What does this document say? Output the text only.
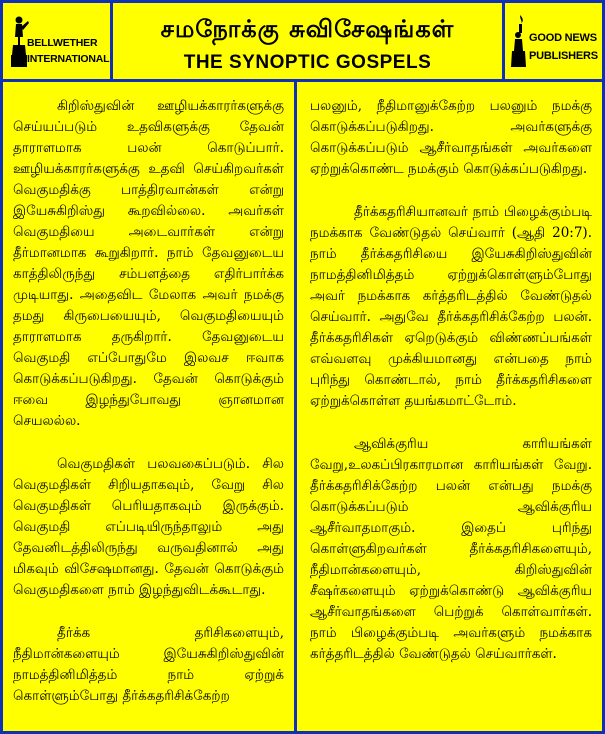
BELLWETHER
INTERNATIONAL
சமநோக்கு சுவிசேஷங்கள்
THE SYNOPTIC GOSPELS
GOOD NEWS
PUBLISHERS

கிறிஸ்துவின் ஊழியக்காரர்களுக்கு செய்யப்படும் உதவிகளுக்கு தேவன் தாராளமாக பலன் கொடுப்பார். ஊழியக்காரர்களுக்கு உதவி செய்கிறவர்கள் வெகுமதிக்கு பாத்திரவான்கள் என்று இயேசுகிறிஸ்து கூறவில்லை. அவர்கள் வெகுமதியை அடைவார்கள் என்று தீர்மானமாக கூறுகிறார். நாம் தேவனுடைய காத்திலிருந்து சம்பளத்தை எதிர்பார்க்க முடியாது. அதைவிட மேலாக அவர் நமக்கு தமது கிருபையையும், வெகுமதியையும் தாராளமாக தருகிறார். தேவனுடைய வெகுமதி எப்போதுமே இலவச ஈவாக கொடுக்கப்படுகிறது. தேவன் கொடுக்கும் ஈவை இழந்துபோவது ஞானமான செயலல்ல.

வெகுமதிகள் பலவகைப்படும். சில வெகுமதிகள் சிறியதாகவும், வேறு சில வெகுமதிகள் பெரியதாகவும் இருக்கும். வெகுமதி எப்படியிருந்தாலும் அது தேவனிடத்திலிருந்து வருவதினால் அது மிகவும் விசேஷமானது. தேவன் கொடுக்கும் வெகுமதிகளை நாம் இழந்துவிடக்கூடாது.

தீர்க்க தரிசிகளையும், நீதிமான்களையும் இயேசுகிறிஸ்துவின் நாமத்தினிமித்தம் நாம் ஏற்றுக் கொள்ளும்போது தீர்க்கதரிசிக்கேற்ற

பலனும், நீதிமானுக்கேற்ற பலனும் நமக்கு கொடுக்கப்படுகிறது. அவர்களுக்கு கொடுக்கப்படும் ஆசீர்வாதங்கள் அவர்களை ஏற்றுக்கொண்ட நமக்கும் கொடுக்கப்படுகிறது.

தீர்க்கதரிசியானவர் நாம் பிழைக்கும்படி நமக்காக வேண்டுதல் செய்வார் (ஆதி 20:7). நாம் தீர்க்கதரிசியை இயேசுகிறிஸ்துவின் நாமத்தினிமித்தம் ஏற்றுக்கொள்ளும்போது அவர் நமக்காக கர்த்தரிடத்தில் வேண்டுதல் செய்வார். அதுவே தீர்க்கதரிசிக்கேற்ற பலன். தீர்க்கதரிசிகள் ஏறெடுக்கும் விண்ணப்பங்கள் எவ்வளவு முக்கியமானது என்பதை நாம் புரிந்து கொண்டால், நாம் தீர்க்கதரிசிகளை ஏற்றுக்கொள்ள தயங்கமாட்டோம்.

ஆவிக்குரிய காரியங்கள் வேறு,உலகப்பிரகாரமான காரியங்கள் வேறு. தீர்க்கதரிசிக்கேற்ற பலன் என்பது நமக்கு கொடுக்கப்படும் ஆவிக்குரிய ஆசீர்வாதமாகும். இதைப் புரிந்து கொள்ளுகிறவர்கள் தீர்க்கதரிசிகளையும், நீதிமான்களையும், கிறிஸ்துவின் சீஷர்களையும் ஏற்றுக்கொண்டு ஆவிக்குரிய ஆசீர்வாதங்களை பெற்றுக் கொள்வார்கள். நாம் பிழைக்கும்படி அவர்களும் நமக்காக கர்த்தரிடத்தில் வேண்டுதல் செய்வார்கள்.
